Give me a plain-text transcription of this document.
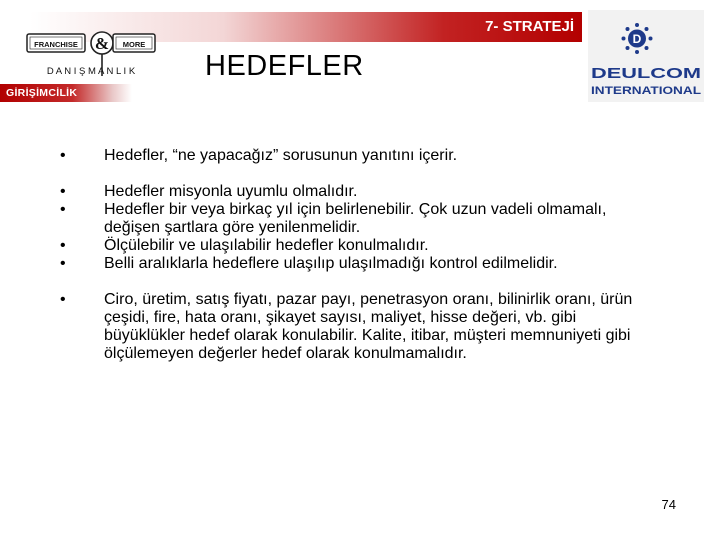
7- STRATEJİ
FRANCHISE & MORE
D A N I Ş M A N L I K HEDEFLER
GİRİŞİMCİLİK
D
DEULCOM
INTERNATIONAL
•	Hedefler, “ne yapacağız” sorusunun yanıtını içerir.
•	Hedefler misyonla uyumlu olmalıdır.
•	Hedefler bir veya birkaç yıl için belirlenebilir. Çok uzun vadeli olmamalı, değişen şartlara göre yenilenmelidir.
•	Ölçülebilir ve ulaşılabilir hedefler konulmalıdır.
•	Belli aralıklarla hedeflere ulaşılıp ulaşılmadığı kontrol edilmelidir.
•	Ciro, üretim, satış fiyatı, pazar payı, penetrasyon oranı, bilinirlik oranı, ürün çeşidi, fire, hata oranı, şikayet sayısı, maliyet, hisse değeri, vb. gibi büyüklükler hedef olarak konulabilir. Kalite, itibar, müşteri memnuniyeti gibi ölçülemeyen değerler hedef olarak konulmamalıdır.
74
